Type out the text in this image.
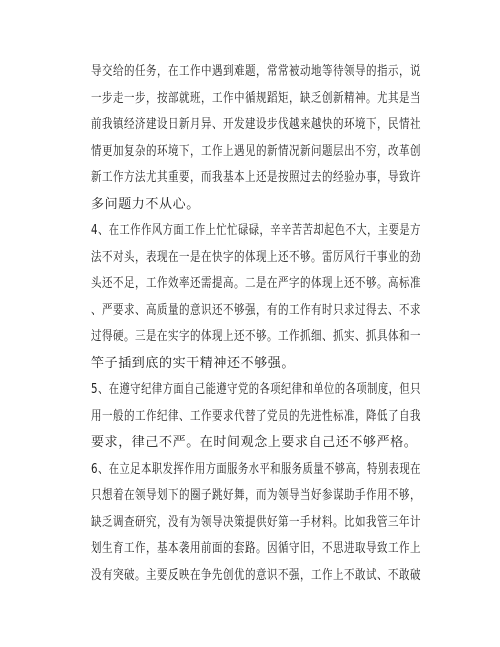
导交给的任务，在工作中遇到难题，常常被动地等待领导的指示，说
一步走一步，按部就班，工作中循规蹈矩，缺乏创新精神。尤其是当
前我镇经济建设日新月异、开发建设步伐越来越快的环境下，民情社
情更加复杂的环境下，工作上遇见的新情况新问题层出不穷，改革创
新工作方法尤其重要，而我基本上还是按照过去的经验办事，导致许
多问题力不从心。
4、在工作作风方面工作上忙忙碌碌，辛辛苦苦却起色不大，主要是方
法不对头，表现在一是在快字的体现上还不够。雷厉风行干事业的劲
头还不足，工作效率还需提高。二是在严字的体现上还不够。高标准
、严要求、高质量的意识还不够强，有的工作有时只求过得去、不求
过得硬。三是在实字的体现上还不够。工作抓细、抓实、抓具体和一
竿子插到底的实干精神还不够强。
5、在遵守纪律方面自己能遵守党的各项纪律和单位的各项制度，但只
用一般的工作纪律、工作要求代替了党员的先进性标准，降低了自我
要求，律己不严。在时间观念上要求自己还不够严格。
6、在立足本职发挥作用方面服务水平和服务质量不够高，特别表现在
只想着在领导划下的圈子跳好舞，而为领导当好参谋助手作用不够，
缺乏调查研究，没有为领导决策提供好第一手材料。比如我管三年计
划生育工作，基本袭用前面的套路。因循守旧，不思进取导致工作上
没有突破。主要反映在争先创优的意识不强，工作上不敢试、不敢破
